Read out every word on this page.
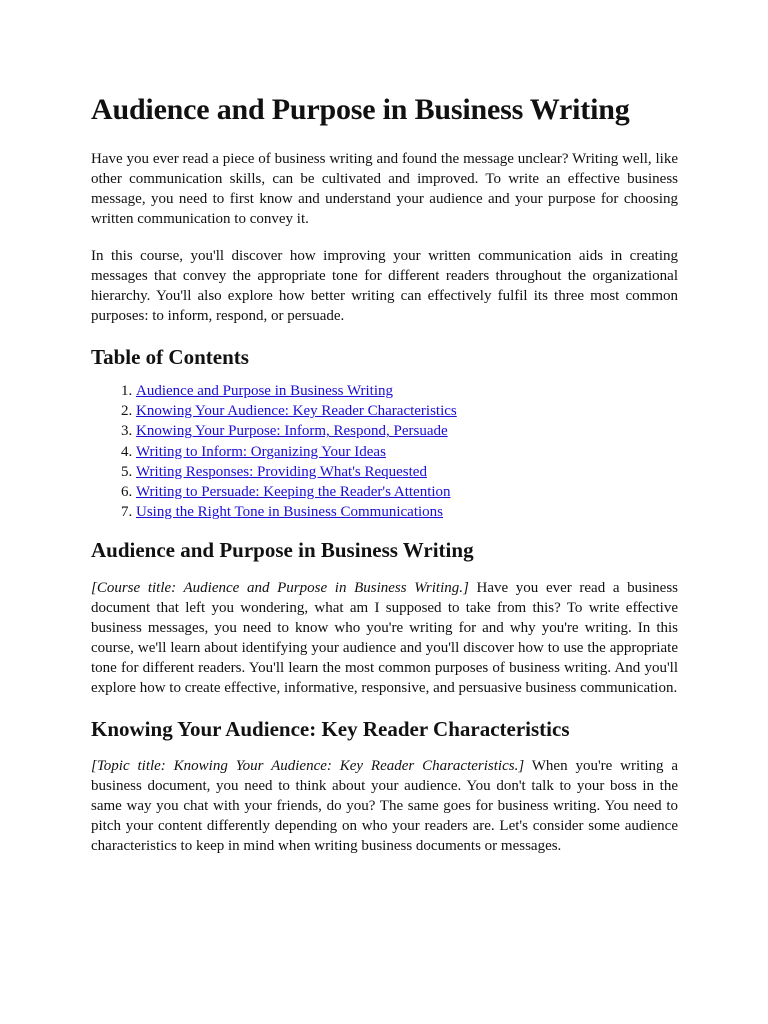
Audience and Purpose in Business Writing

Have you ever read a piece of business writing and found the message unclear? Writing well, like other communication skills, can be cultivated and improved. To write an effective business message, you need to first know and understand your audience and your purpose for choosing written communication to convey it.

In this course, you'll discover how improving your written communication aids in creating messages that convey the appropriate tone for different readers throughout the organizational hierarchy. You'll also explore how better writing can effectively fulfil its three most common purposes: to inform, respond, or persuade.

Table of Contents
1. Audience and Purpose in Business Writing
2. Knowing Your Audience: Key Reader Characteristics
3. Knowing Your Purpose: Inform, Respond, Persuade
4. Writing to Inform: Organizing Your Ideas
5. Writing Responses: Providing What's Requested
6. Writing to Persuade: Keeping the Reader's Attention
7. Using the Right Tone in Business Communications
Audience and Purpose in Business Writing

[Course title: Audience and Purpose in Business Writing.] Have you ever read a business document that left you wondering, what am I supposed to take from this? To write effective business messages, you need to know who you're writing for and why you're writing. In this course, we'll learn about identifying your audience and you'll discover how to use the appropriate tone for different readers. You'll learn the most common purposes of business writing. And you'll explore how to create effective, informative, responsive, and persuasive business communication.

Knowing Your Audience: Key Reader Characteristics

[Topic title: Knowing Your Audience: Key Reader Characteristics.] When you're writing a business document, you need to think about your audience. You don't talk to your boss in the same way you chat with your friends, do you? The same goes for business writing. You need to pitch your content differently depending on who your readers are. Let's consider some audience characteristics to keep in mind when writing business documents or messages.
